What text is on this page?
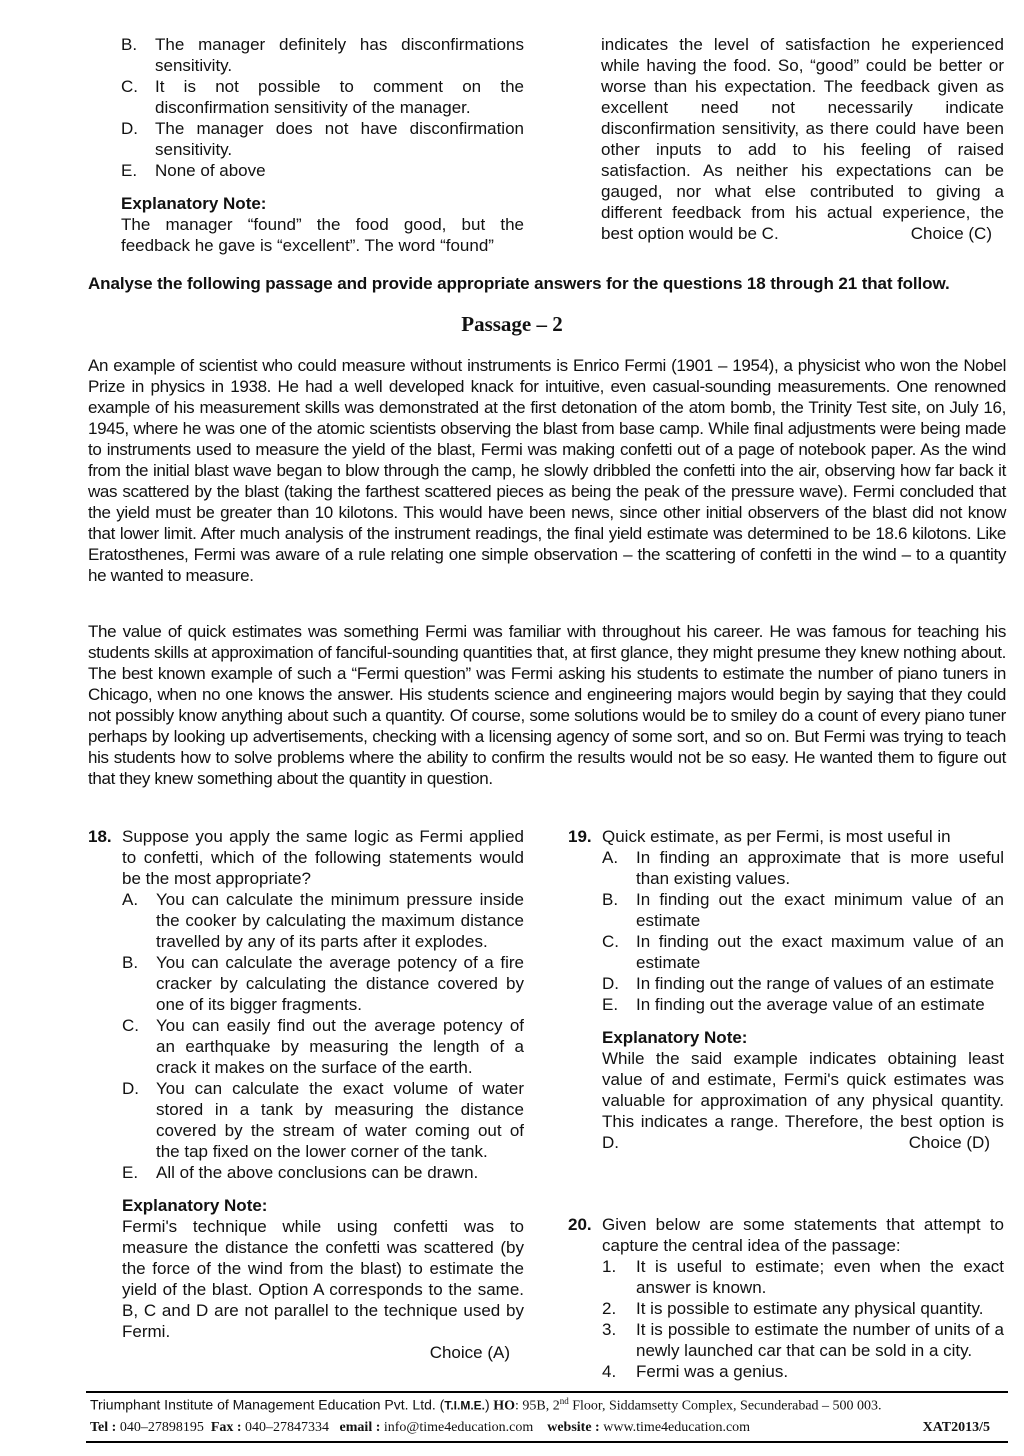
B.	The manager definitely has disconfirmations sensitivity.
C.	It is not possible to comment on the disconfirmation sensitivity of the manager.
D.	The manager does not have disconfirmation sensitivity.
E.	None of above
Explanatory Note:
The manager “found” the food good, but the feedback he gave is “excellent”. The word “found”
indicates the level of satisfaction he experienced while having the food. So, “good” could be better or worse than his expectation. The feedback given as excellent need not necessarily indicate disconfirmation sensitivity, as there could have been other inputs to add to his feeling of raised satisfaction. As neither his expectations can be gauged, nor what else contributed to giving a different feedback from his actual experience, the best option would be C.	Choice (C)
Analyse the following passage and provide appropriate answers for the questions 18 through 21 that follow.
Passage – 2
An example of scientist who could measure without instruments is Enrico Fermi (1901 – 1954), a physicist who won the Nobel Prize in physics in 1938. He had a well developed knack for intuitive, even casual-sounding measurements. One renowned example of his measurement skills was demonstrated at the first detonation of the atom bomb, the Trinity Test site, on July 16, 1945, where he was one of the atomic scientists observing the blast from base camp. While final adjustments were being made to instruments used to measure the yield of the blast, Fermi was making confetti out of a page of notebook paper. As the wind from the initial blast wave began to blow through the camp, he slowly dribbled the confetti into the air, observing how far back it was scattered by the blast (taking the farthest scattered pieces as being the peak of the pressure wave). Fermi concluded that the yield must be greater than 10 kilotons. This would have been news, since other initial observers of the blast did not know that lower limit. After much analysis of the instrument readings, the final yield estimate was determined to be 18.6 kilotons. Like Eratosthenes, Fermi was aware of a rule relating one simple observation – the scattering of confetti in the wind – to a quantity he wanted to measure.
The value of quick estimates was something Fermi was familiar with throughout his career. He was famous for teaching his students skills at approximation of fanciful-sounding quantities that, at first glance, they might presume they knew nothing about. The best known example of such a “Fermi question” was Fermi asking his students to estimate the number of piano tuners in Chicago, when no one knows the answer. His students science and engineering majors would begin by saying that they could not possibly know anything about such a quantity. Of course, some solutions would be to smiley do a count of every piano tuner perhaps by looking up advertisements, checking with a licensing agency of some sort, and so on. But Fermi was trying to teach his students how to solve problems where the ability to confirm the results would not be so easy. He wanted them to figure out that they knew something about the quantity in question.
18. Suppose you apply the same logic as Fermi applied to confetti, which of the following statements would be the most appropriate?
A.	You can calculate the minimum pressure inside the cooker by calculating the maximum distance travelled by any of its parts after it explodes.
B.	You can calculate the average potency of a fire cracker by calculating the distance covered by one of its bigger fragments.
C.	You can easily find out the average potency of an earthquake by measuring the length of a crack it makes on the surface of the earth.
D.	You can calculate the exact volume of water stored in a tank by measuring the distance covered by the stream of water coming out of the tap fixed on the lower corner of the tank.
E.	All of the above conclusions can be drawn.
Explanatory Note:
Fermi's technique while using confetti was to measure the distance the confetti was scattered (by the force of the wind from the blast) to estimate the yield of the blast. Option A corresponds to the same. B, C and D are not parallel to the technique used by Fermi.
Choice (A)
19. Quick estimate, as per Fermi, is most useful in
A.	In finding an approximate that is more useful than existing values.
B.	In finding out the exact minimum value of an estimate
C.	In finding out the exact maximum value of an estimate
D.	In finding out the range of values of an estimate
E.	In finding out the average value of an estimate
Explanatory Note:
While the said example indicates obtaining least value of and estimate, Fermi's quick estimates was valuable for approximation of any physical quantity. This indicates a range. Therefore, the best option is D.	Choice (D)
20. Given below are some statements that attempt to capture the central idea of the passage:
1.	It is useful to estimate; even when the exact answer is known.
2.	It is possible to estimate any physical quantity.
3.	It is possible to estimate the number of units of a newly launched car that can be sold in a city.
4.	Fermi was a genius.
Triumphant Institute of Management Education Pvt. Ltd. (T.I.M.E.) HO: 95B, 2nd Floor, Siddamsetty Complex, Secunderabad – 500 003.
Tel : 040–27898195 Fax : 040–27847334 email : info@time4education.com website : www.time4education.com	XAT2013/5
